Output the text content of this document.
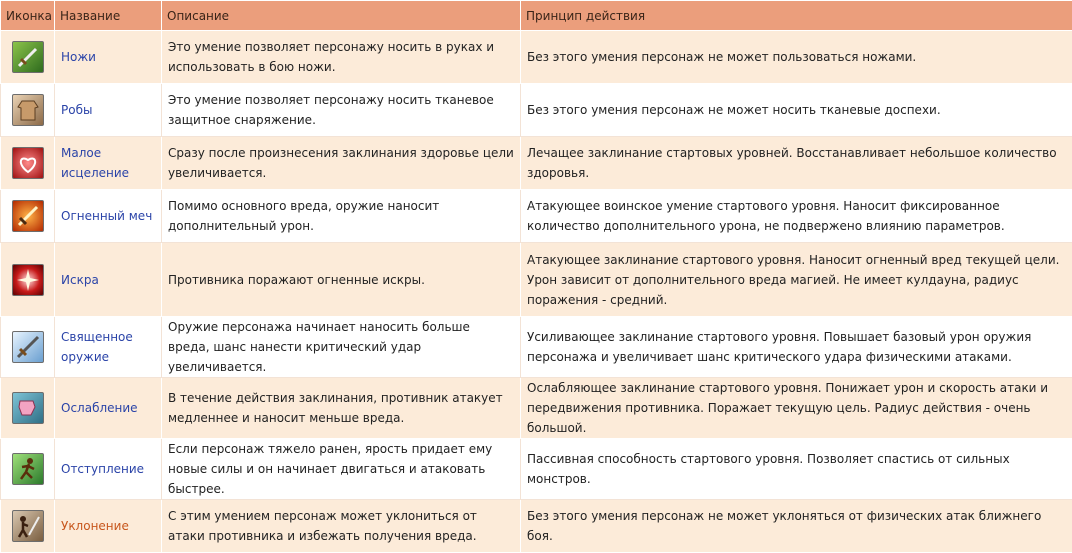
Иконка	Название	Описание	Принцип действия

	Ножи	Это умение позволяет персонажу носить в руках и использовать в бою ножи.	Без этого умения персонаж не может пользоваться ножами.

	Робы	Это умение позволяет персонажу носить тканевое защитное снаряжение.	Без этого умения персонаж не может носить тканевые доспехи.

	Малое исцеление	Сразу после произнесения заклинания здоровье цели увеличивается.	Лечащее заклинание стартовых уровней. Восстанавливает небольшое количество здоровья.

	Огненный меч	Помимо основного вреда, оружие наносит дополнительный урон.	Атакующее воинское умение стартового уровня. Наносит фиксированное количество дополнительного урона, не подвержено влиянию параметров.

	Искра	Противника поражают огненные искры.	Атакующее заклинание стартового уровня. Наносит огненный вред текущей цели. Урон зависит от дополнительного вреда магией. Не имеет кулдауна, радиус поражения - средний.

	Священное оружие	Оружие персонажа начинает наносить больше вреда, шанс нанести критический удар увеличивается.	Усиливающее заклинание стартового уровня. Повышает базовый урон оружия персонажа и увеличивает шанс критического удара физическими атаками.

	Ослабление	В течение действия заклинания, противник атакует медленнее и наносит меньше вреда.	Ослабляющее заклинание стартового уровня. Понижает урон и скорость атаки и передвижения противника. Поражает текущую цель. Радиус действия - очень большой.

	Отступление	Если персонаж тяжело ранен, ярость придает ему новые силы и он начинает двигаться и атаковать быстрее.	Пассивная способность стартового уровня. Позволяет спастись от сильных монстров.

	Уклонение	С этим умением персонаж может уклониться от атаки противника и избежать получения вреда.	Без этого умения персонаж не может уклоняться от физических атак ближнего боя.
